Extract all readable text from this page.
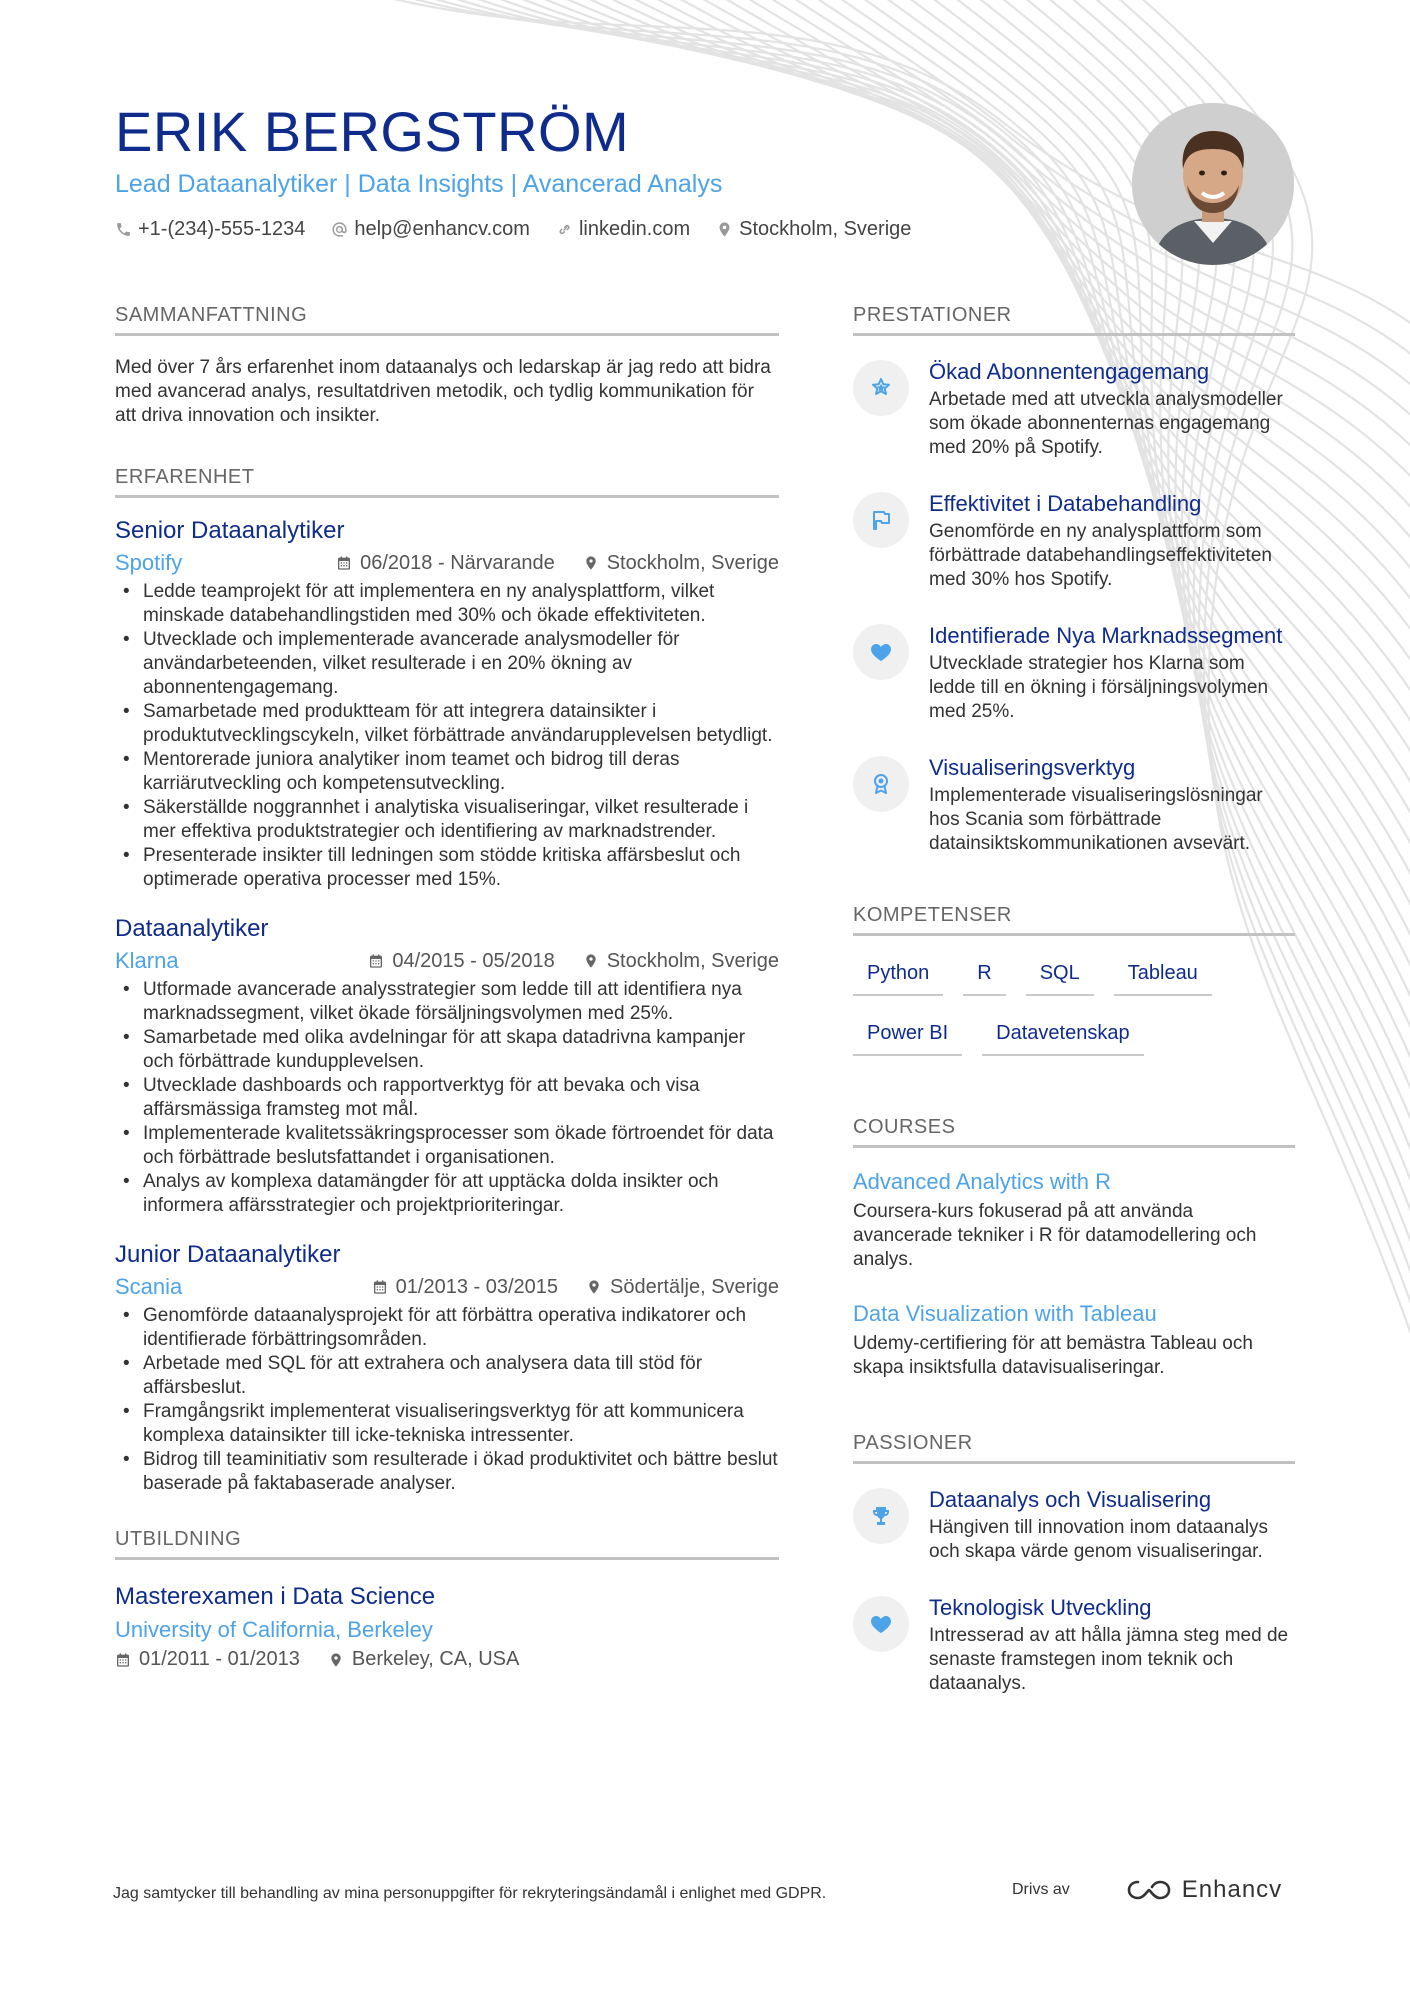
ERIK BERGSTRÖM
Lead Dataanalytiker | Data Insights | Avancerad Analys
+1-(234)-555-1234 help@enhancv.com linkedin.com Stockholm, Sverige
SAMMANFATTNING

Med över 7 års erfarenhet inom dataanalys och ledarskap är jag redo att bidra med avancerad analys, resultatdriven metodik, och tydlig kommunikation för att driva innovation och insikter.

ERFARENHET
Senior Dataanalytiker
Spotify	06/2018 - Närvarande	Stockholm, Sverige
• Ledde teamprojekt för att implementera en ny analysplattform, vilket minskade databehandlingstiden med 30% och ökade effektiviteten.
• Utvecklade och implementerade avancerade analysmodeller för användarbeteenden, vilket resulterade i en 20% ökning av abonnentengagemang.
• Samarbetade med produktteam för att integrera datainsikter i produktutvecklingscykeln, vilket förbättrade användarupplevelsen betydligt.
• Mentorerade juniora analytiker inom teamet och bidrog till deras karriärutveckling och kompetensutveckling.
• Säkerställde noggrannhet i analytiska visualiseringar, vilket resulterade i mer effektiva produktstrategier och identifiering av marknadstrender.
• Presenterade insikter till ledningen som stödde kritiska affärsbeslut och optimerade operativa processer med 15%.
Dataanalytiker
Klarna	04/2015 - 05/2018	Stockholm, Sverige
• Utformade avancerade analysstrategier som ledde till att identifiera nya marknadssegment, vilket ökade försäljningsvolymen med 25%.
• Samarbetade med olika avdelningar för att skapa datadrivna kampanjer och förbättrade kundupplevelsen.
• Utvecklade dashboards och rapportverktyg för att bevaka och visa affärsmässiga framsteg mot mål.
• Implementerade kvalitetssäkringsprocesser som ökade förtroendet för data och förbättrade beslutsfattandet i organisationen.
• Analys av komplexa datamängder för att upptäcka dolda insikter och informera affärsstrategier och projektprioriteringar.
Junior Dataanalytiker
Scania	01/2013 - 03/2015	Södertälje, Sverige
• Genomförde dataanalysprojekt för att förbättra operativa indikatorer och identifierade förbättringsområden.
• Arbetade med SQL för att extrahera och analysera data till stöd för affärsbeslut.
• Framgångsrikt implementerat visualiseringsverktyg för att kommunicera komplexa datainsikter till icke-tekniska intressenter.
• Bidrog till teaminitiativ som resulterade i ökad produktivitet och bättre beslut baserade på faktabaserade analyser.
UTBILDNING
Masterexamen i Data Science
University of California, Berkeley
01/2011 - 01/2013	Berkeley, CA, USA
PRESTATIONER
Ökad Abonnentengagemang
Arbetade med att utveckla analysmodeller som ökade abonnenternas engagemang med 20% på Spotify.
Effektivitet i Databehandling
Genomförde en ny analysplattform som förbättrade databehandlingseffektiviteten med 30% hos Spotify.
Identifierade Nya Marknadssegment
Utvecklade strategier hos Klarna som ledde till en ökning i försäljningsvolymen med 25%.
Visualiseringsverktyg
Implementerade visualiseringslösningar hos Scania som förbättrade datainsiktskommunikationen avsevärt.
KOMPETENSER
Python	R	SQL	Tableau
Power BI	Datavetenskap
COURSES
Advanced Analytics with R
Coursera-kurs fokuserad på att använda avancerade tekniker i R för datamodellering och analys.
Data Visualization with Tableau
Udemy-certifiering för att bemästra Tableau och skapa insiktsfulla datavisualiseringar.
PASSIONER
Dataanalys och Visualisering
Hängiven till innovation inom dataanalys och skapa värde genom visualiseringar.
Teknologisk Utveckling
Intresserad av att hålla jämna steg med de senaste framstegen inom teknik och dataanalys.
Jag samtycker till behandling av mina personuppgifter för rekryteringsändamål i enlighet med GDPR.	Drivs av	Enhancv
